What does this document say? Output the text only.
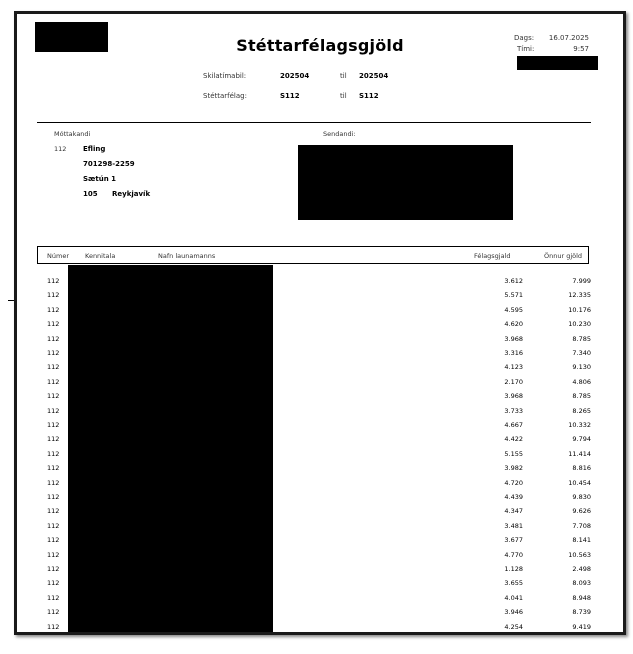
Stéttarfélagsgjöld	Dags:	16.07.2025
Tími:	9:57
Skilatímabil:	202504	til 202504
Stéttarfélag:	S112	til S112
Móttakandi	Sendandi:
112 Efling
701298-2259
Sætún 1
105 Reykjavík
Númer Kennitala	Nafn launamanns	Félagsgjald	Önnur gjöld
112	3.612	7.999
112	5.571	12.335
112	4.595	10.176
112	4.620	10.230
112	3.968	8.785
112	3.316	7.340
112	4.123	9.130
112	2.170	4.806
112	3.968	8.785
112	3.733	8.265
112	4.667	10.332
112	4.422	9.794
112	5.155	11.414
112	3.982	8.816
112	4.720	10.454
112	4.439	9.830
112	4.347	9.626
112	3.481	7.708
112	3.677	8.141
112	4.770	10.563
112	1.128	2.498
112	3.655	8.093
112	4.041	8.948
112	3.946	8.739
112	4.254	9.419
